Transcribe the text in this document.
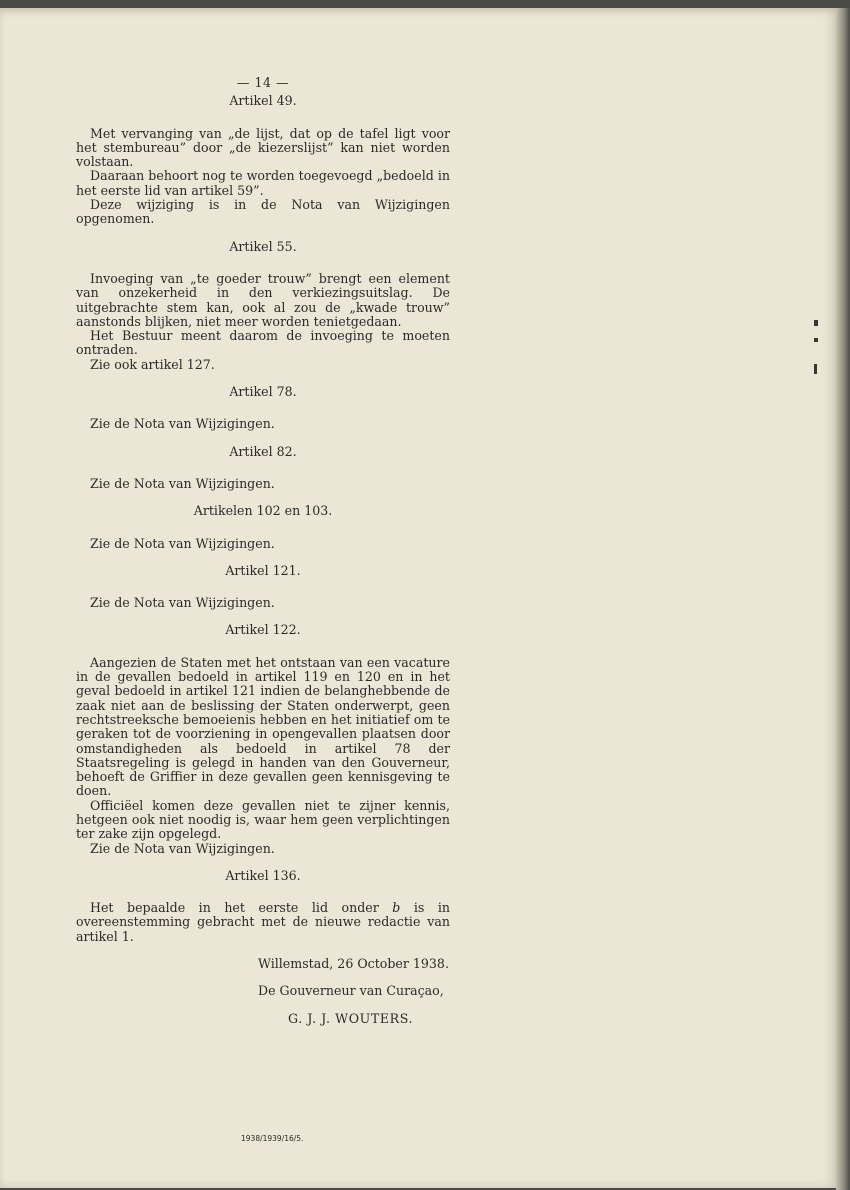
— 14 —

Artikel 49.

Met vervanging van „de lijst, dat op de tafel ligt voor het stembureau” door „de kiezerslijst” kan niet worden volstaan.

Daaraan behoort nog te worden toegevoegd „bedoeld in het eerste lid van artikel 59”.

Deze wijziging is in de Nota van Wijzigingen opgenomen.

Artikel 55.

Invoeging van „te goeder trouw” brengt een element van onzekerheid in den verkiezingsuitslag. De uitgebrachte stem kan, ook al zou de „kwade trouw” aanstonds blijken, niet meer worden tenietgedaan.

Het Bestuur meent daarom de invoeging te moeten ontraden.

Zie ook artikel 127.

Artikel 78.

Zie de Nota van Wijzigingen.

Artikel 82.

Zie de Nota van Wijzigingen.

Artikelen 102 en 103.

Zie de Nota van Wijzigingen.

Artikel 121.

Zie de Nota van Wijzigingen.

Artikel 122.

Aangezien de Staten met het ontstaan van een vacature in de gevallen bedoeld in artikel 119 en 120 en in het geval bedoeld in artikel 121 indien de belanghebbende de zaak niet aan de beslissing der Staten onderwerpt, geen rechtstreeksche bemoeienis hebben en het initiatief om te geraken tot de voorziening in opengevallen plaatsen door omstandigheden als bedoeld in artikel 78 der Staatsregeling is gelegd in handen van den Gouverneur, behoeft de Griffier in deze gevallen geen kennisgeving te doen.

Officiëel komen deze gevallen niet te zijner kennis, hetgeen ook niet noodig is, waar hem geen verplichtingen ter zake zijn opgelegd.

Zie de Nota van Wijzigingen.

Artikel 136.

Het bepaalde in het eerste lid onder b is in overeenstemming gebracht met de nieuwe redactie van artikel 1.

Willemstad, 26 October 1938.

De Gouverneur van Curaçao,

G. J. J. WOUTERS.

1938/1939/16/5.
